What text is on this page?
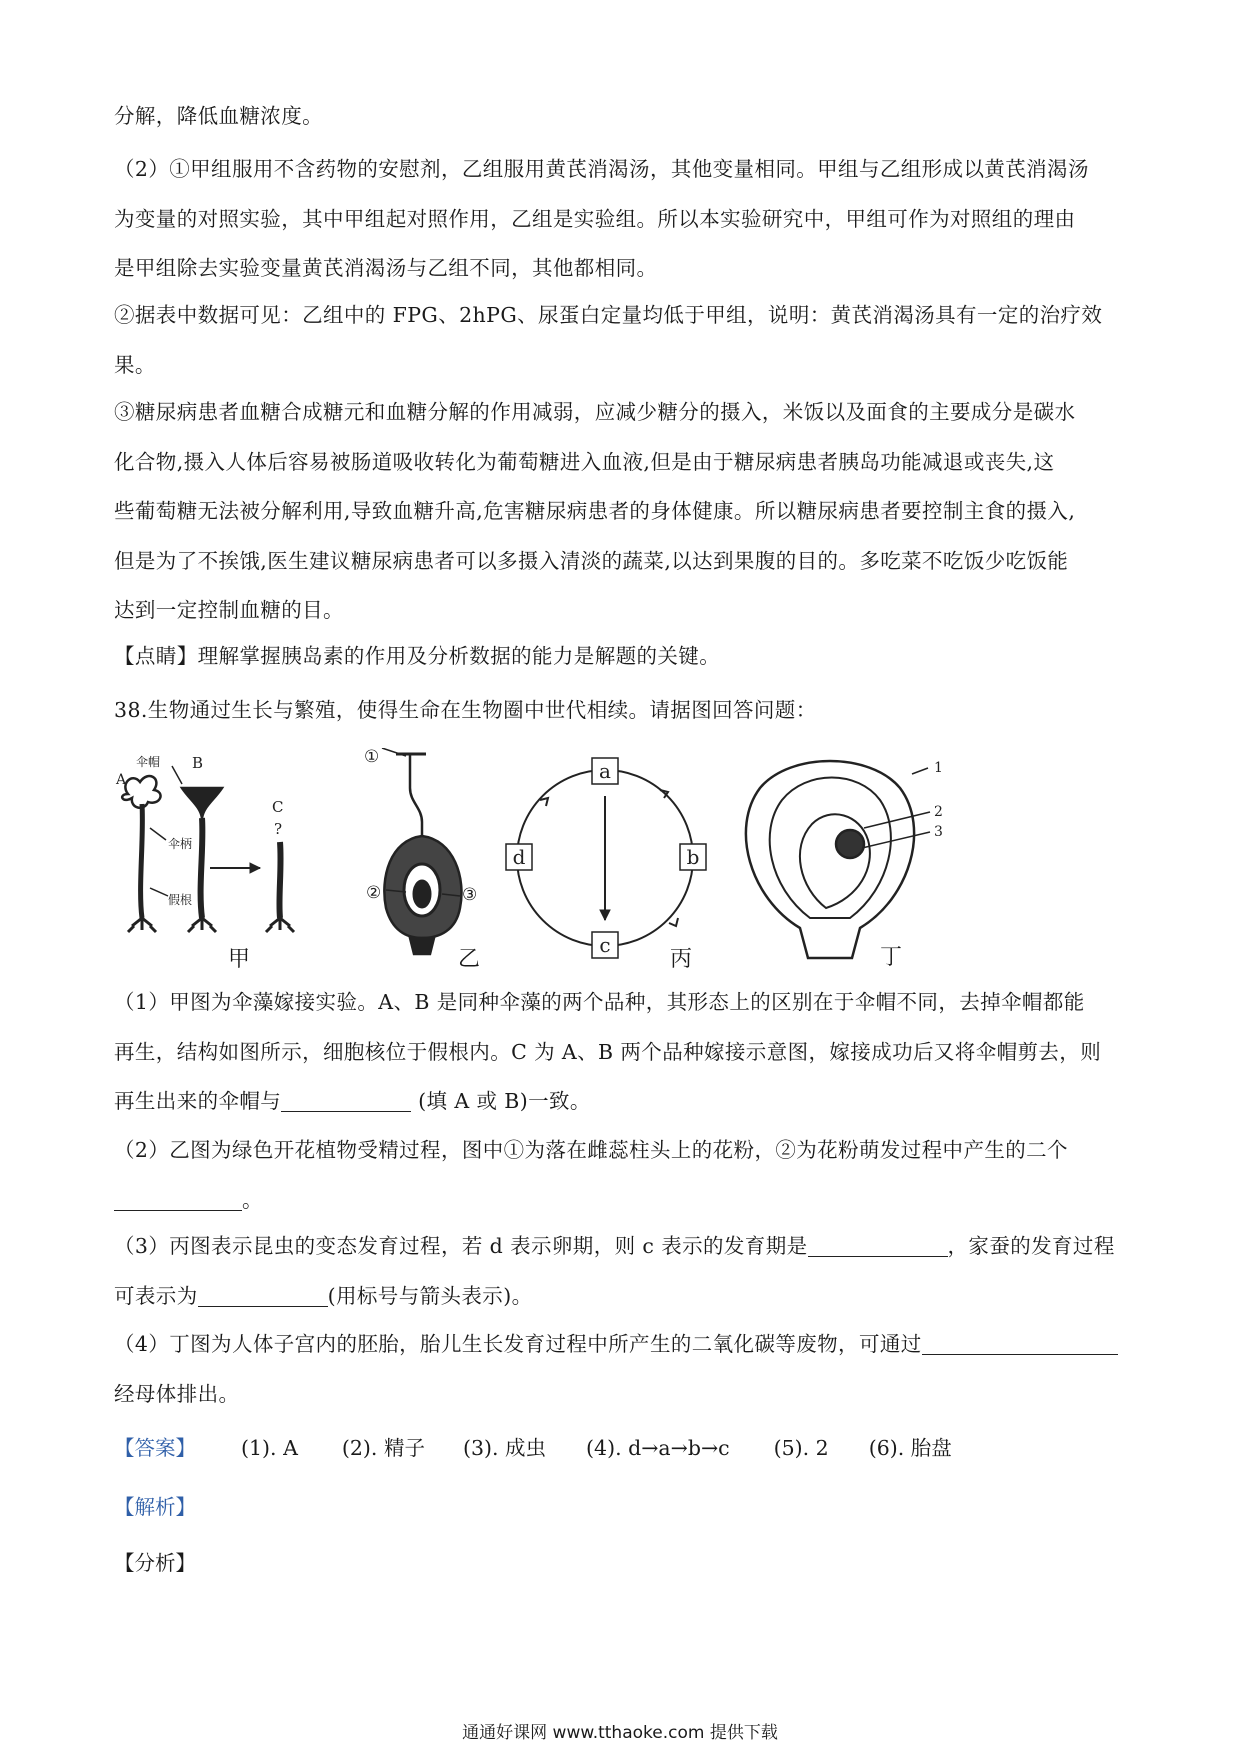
分解，降低血糖浓度。

（2）①甲组服用不含药物的安慰剂，乙组服用黄芪消渴汤，其他变量相同。甲组与乙组形成以黄芪消渴汤
为变量的对照实验，其中甲组起对照作用，乙组是实验组。所以本实验研究中，甲组可作为对照组的理由
是甲组除去实验变量黄芪消渴汤与乙组不同，其他都相同。

②据表中数据可见：乙组中的 FPG、2hPG、尿蛋白定量均低于甲组，说明：黄芪消渴汤具有一定的治疗效
果。

③糖尿病患者血糖合成糖元和血糖分解的作用减弱，应减少糖分的摄入，米饭以及面食的主要成分是碳水
化合物,摄入人体后容易被肠道吸收转化为葡萄糖进入血液,但是由于糖尿病患者胰岛功能减退或丧失,这
些葡萄糖无法被分解利用,导致血糖升高,危害糖尿病患者的身体健康。所以糖尿病患者要控制主食的摄入,
但是为了不挨饿,医生建议糖尿病患者可以多摄入清淡的蔬菜,以达到果腹的目的。多吃菜不吃饭少吃饭能
达到一定控制血糖的目。

【点睛】理解掌握胰岛素的作用及分析数据的能力是解题的关键。

38.生物通过生长与繁殖，使得生命在生物圈中世代相续。请据图回答问题：

a
b
c
d
A
伞帽 B
伞柄
假根
C
?
①
②	③
1
2
3
甲	乙	丙	丁

（1）甲图为伞藻嫁接实验。A、B 是同种伞藻的两个品种，其形态上的区别在于伞帽不同，去掉伞帽都能
再生，结构如图所示，细胞核位于假根内。C 为 A、B 两个品种嫁接示意图，嫁接成功后又将伞帽剪去，则
再生出来的伞帽与	(填 A 或 B)一致。

（2）乙图为绿色开花植物受精过程，图中①为落在雌蕊柱头上的花粉，②为花粉萌发过程中产生的二个
。

（3）丙图表示昆虫的变态发育过程，若 d 表示卵期，则 c 表示的发育期是	，家蚕的发育过程
可表示为	(用标号与箭头表示)。

（4）丁图为人体子宫内的胚胎，胎儿生长发育过程中所产生的二氧化碳等废物，可通过
经母体排出。

【答案】	(1). A (2). 精子 (3). 成虫 (4). d→a→b→c (5). 2 (6). 胎盘
【解析】
【分析】
通通好课网 www.tthaoke.com 提供下载
